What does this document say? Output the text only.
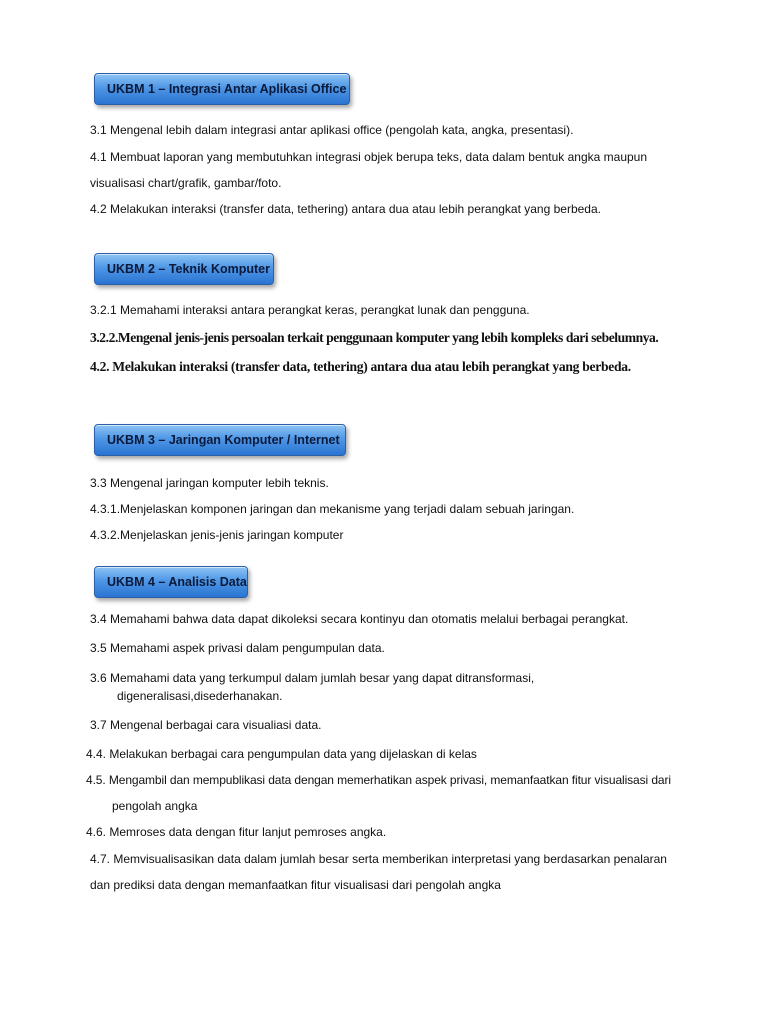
UKBM 1 – Integrasi Antar Aplikasi Office
3.1 Mengenal lebih dalam integrasi antar aplikasi office (pengolah kata, angka, presentasi).
4.1 Membuat laporan yang membutuhkan integrasi objek berupa teks, data dalam bentuk angka maupun
visualisasi chart/grafik, gambar/foto.
4.2 Melakukan interaksi (transfer data, tethering) antara dua atau lebih perangkat yang berbeda.
UKBM 2 – Teknik Komputer
3.2.1 Memahami interaksi antara perangkat keras, perangkat lunak dan pengguna.
3.2.2.Mengenal jenis-jenis persoalan terkait penggunaan komputer yang lebih kompleks dari sebelumnya.
4.2. Melakukan interaksi (transfer data, tethering) antara dua atau lebih perangkat yang berbeda.
UKBM 3 – Jaringan Komputer / Internet
3.3 Mengenal jaringan komputer lebih teknis.
4.3.1.Menjelaskan komponen jaringan dan mekanisme yang terjadi dalam sebuah jaringan.
4.3.2.Menjelaskan jenis-jenis jaringan komputer
UKBM 4 – Analisis Data
3.4 Memahami bahwa data dapat dikoleksi secara kontinyu dan otomatis melalui berbagai perangkat.
3.5 Memahami aspek privasi dalam pengumpulan data.
3.6 Memahami data yang terkumpul dalam jumlah besar yang dapat ditransformasi,
digeneralisasi,disederhanakan.
3.7 Mengenal berbagai cara visualiasi data.
4.4. Melakukan berbagai cara pengumpulan data yang dijelaskan di kelas
4.5. Mengambil dan mempublikasi data dengan memerhatikan aspek privasi, memanfaatkan fitur visualisasi dari
pengolah angka
4.6. Memroses data dengan fitur lanjut pemroses angka.
4.7. Memvisualisasikan data dalam jumlah besar serta memberikan interpretasi yang berdasarkan penalaran
dan prediksi data dengan memanfaatkan fitur visualisasi dari pengolah angka
